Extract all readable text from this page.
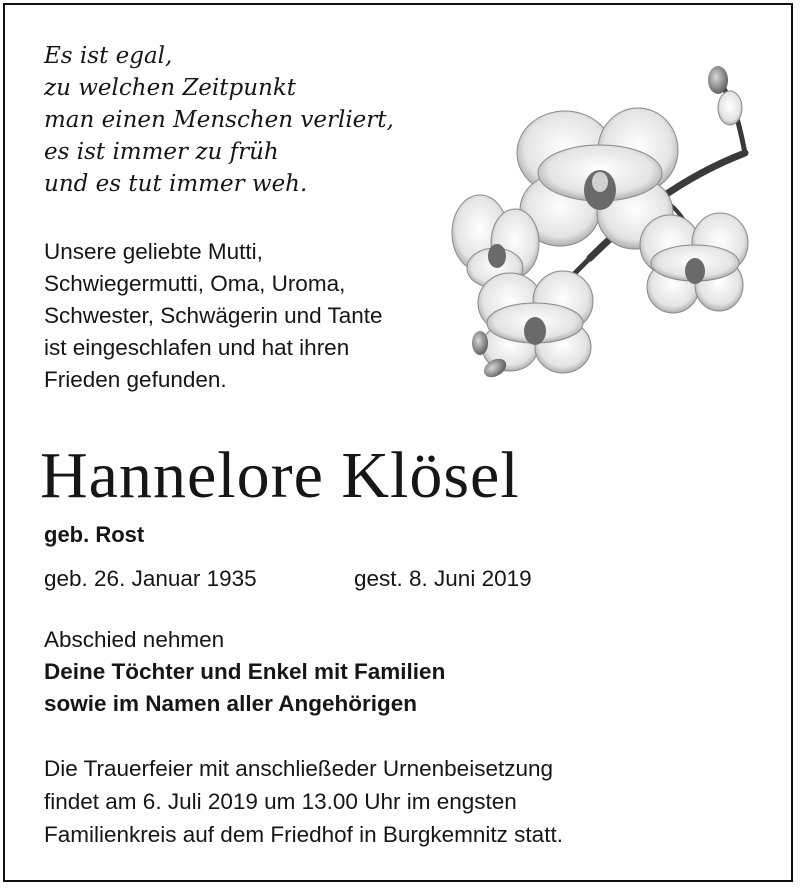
Es ist egal,
zu welchen Zeitpunkt
man einen Menschen verliert,
es ist immer zu früh
und es tut immer weh.
Unsere geliebte Mutti,
Schwiegermutti, Oma, Uroma,
Schwester, Schwägerin und Tante
ist eingeschlafen und hat ihren
Frieden gefunden.
Hannelore Klösel
geb. Rost
geb. 26. Januar 1935	gest. 8. Juni 2019
Abschied nehmen
Deine Töchter und Enkel mit Familien
sowie im Namen aller Angehörigen
Die Trauerfeier mit anschließeder Urnenbeisetzung
findet am 6. Juli 2019 um 13.00 Uhr im engsten
Familienkreis auf dem Friedhof in Burgkemnitz statt.
